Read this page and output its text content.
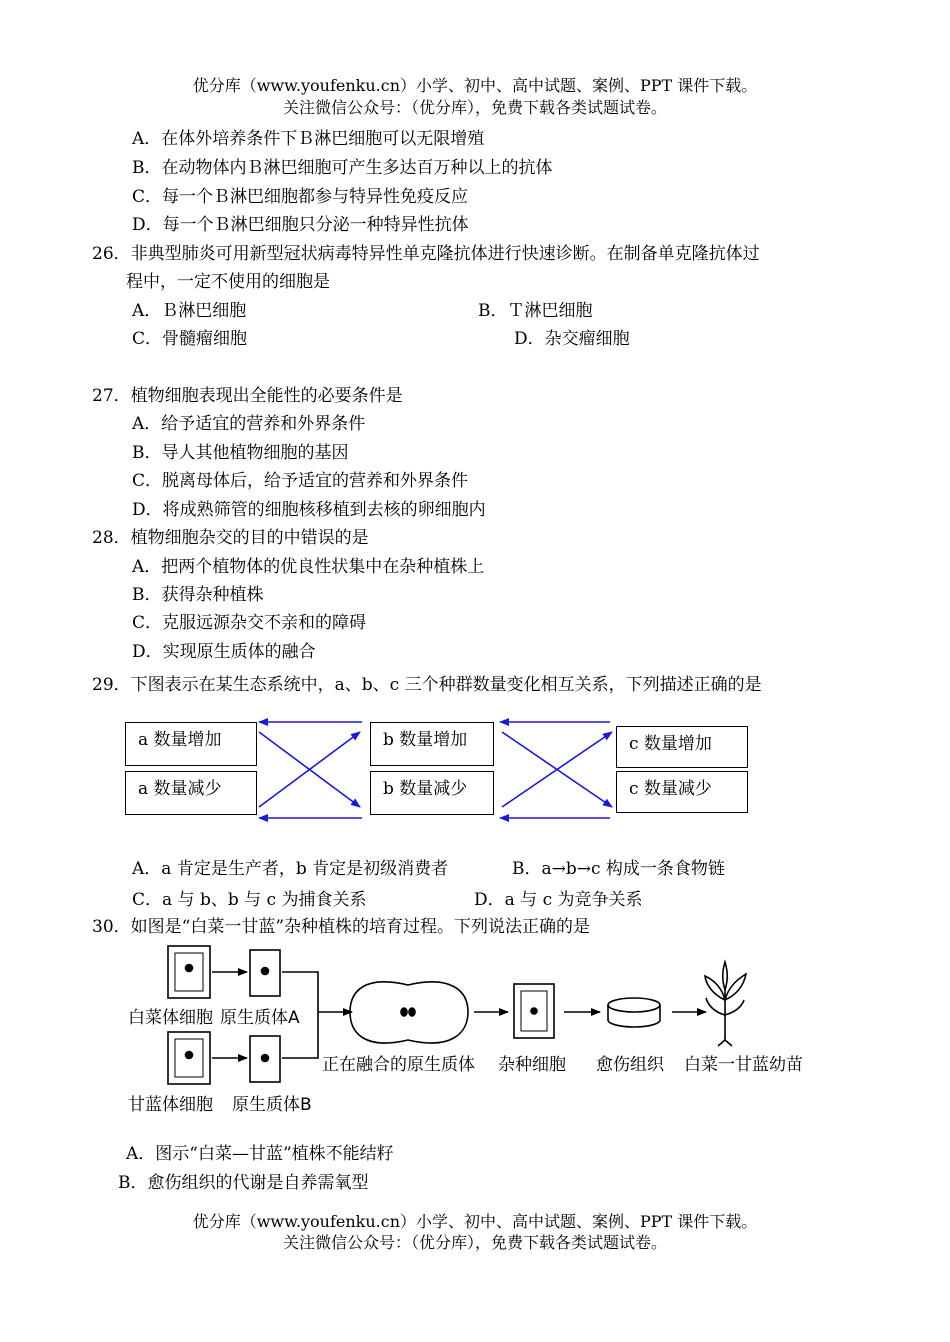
优分库（www.youfenku.cn）小学、初中、高中试题、案例、PPT 课件下载。
关注微信公众号：（优分库），免费下载各类试题试卷。
A．在体外培养条件下Ｂ淋巴细胞可以无限增殖
B．在动物体内Ｂ淋巴细胞可产生多达百万种以上的抗体
C．每一个Ｂ淋巴细胞都参与特异性免疫反应
D．每一个Ｂ淋巴细胞只分泌一种特异性抗体
26．非典型肺炎可用新型冠状病毒特异性单克隆抗体进行快速诊断。在制备单克隆抗体过
程中，一定不使用的细胞是
A．Ｂ淋巴细胞	B．Ｔ淋巴细胞
C．骨髓瘤细胞	D．杂交瘤细胞
27．植物细胞表现出全能性的必要条件是
A．给予适宜的营养和外界条件
B．导人其他植物细胞的基因
C．脱离母体后，给予适宜的营养和外界条件
D．将成熟筛管的细胞核移植到去核的卵细胞内
28．植物细胞杂交的目的中错误的是
A．把两个植物体的优良性状集中在杂种植株上
B．获得杂种植株
C．克服远源杂交不亲和的障碍
D．实现原生质体的融合
29．下图表示在某生态系统中，a、b、c 三个种群数量变化相互关系，下列描述正确的是
a 数量增加
a 数量减少
b 数量增加
b 数量减少
c 数量增加
c 数量减少
A．a 肯定是生产者，b 肯定是初级消费者	B．a→b→c 构成一条食物链
C．a 与 b、b 与 c 为捕食关系	D．a 与 c 为竞争关系
30．如图是“白菜一甘蓝”杂种植株的培育过程。下列说法正确的是
白菜体细胞 原生质体A
甘蓝体细胞 原生质体B
正在融合的原生质体 杂种细胞 愈伤组织 白菜一甘蓝幼苗
A．图示“白菜—甘蓝”植株不能结籽
B．愈伤组织的代谢是自养需氧型
优分库（www.youfenku.cn）小学、初中、高中试题、案例、PPT 课件下载。
关注微信公众号：（优分库），免费下载各类试题试卷。
